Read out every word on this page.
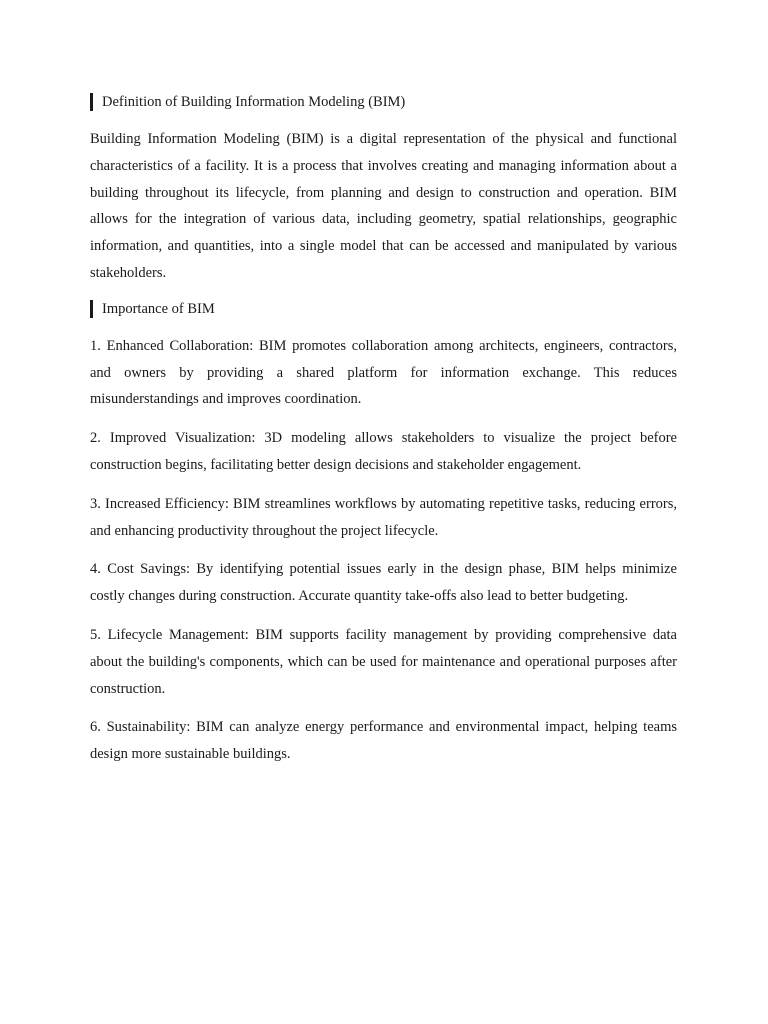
Definition of Building Information Modeling (BIM)

Building Information Modeling (BIM) is a digital representation of the physical and functional characteristics of a facility. It is a process that involves creating and managing information about a building throughout its lifecycle, from planning and design to construction and operation. BIM allows for the integration of various data, including geometry, spatial relationships, geographic information, and quantities, into a single model that can be accessed and manipulated by various stakeholders.

Importance of BIM

1. Enhanced Collaboration: BIM promotes collaboration among architects, engineers, contractors, and owners by providing a shared platform for information exchange. This reduces misunderstandings and improves coordination.

2. Improved Visualization: 3D modeling allows stakeholders to visualize the project before construction begins, facilitating better design decisions and stakeholder engagement.

3. Increased Efficiency: BIM streamlines workflows by automating repetitive tasks, reducing errors, and enhancing productivity throughout the project lifecycle.

4. Cost Savings: By identifying potential issues early in the design phase, BIM helps minimize costly changes during construction. Accurate quantity take-offs also lead to better budgeting.

5. Lifecycle Management: BIM supports facility management by providing comprehensive data about the building's components, which can be used for maintenance and operational purposes after construction.

6. Sustainability: BIM can analyze energy performance and environmental impact, helping teams design more sustainable buildings.
